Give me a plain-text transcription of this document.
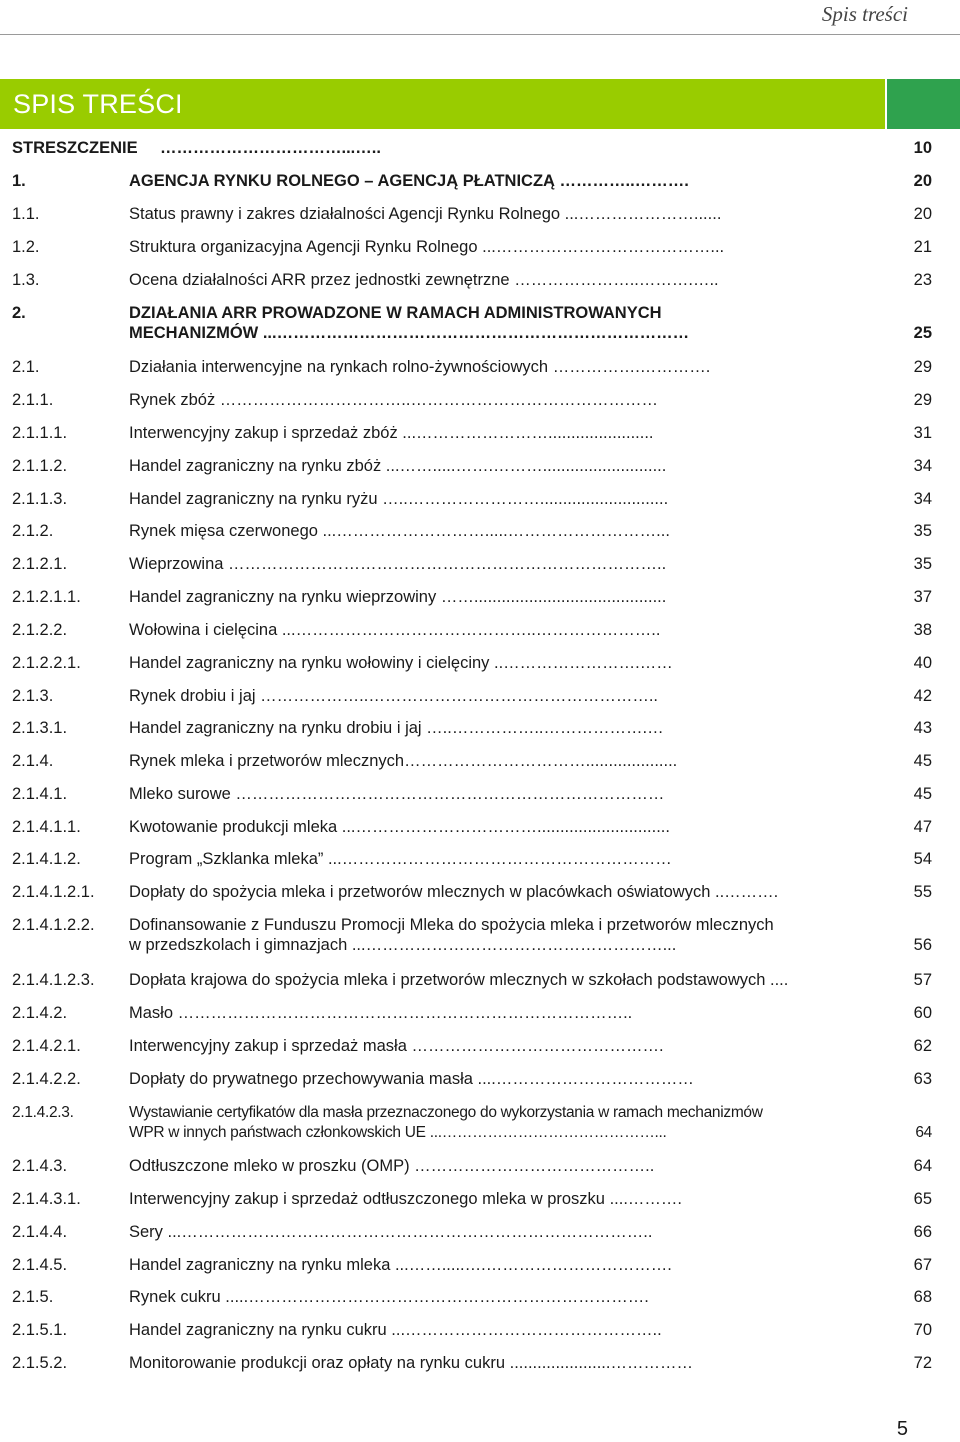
Spis treści
SPIS TREŚCI
STRESZCZENIE ……………………………...…..	10
1.	AGENCJA RYNKU ROLNEGO – AGENCJĄ PŁATNICZĄ …………..……….	20
1.1.	Status prawny i zakres działalności Agencji Rynku Rolnego ...…………………......	20
1.2.	Struktura organizacyjna Agencji Rynku Rolnego ...…………………………………...	21
1.3.	Ocena działalności ARR przez jednostki zewnętrzne …………………..……….…..	23
2.	DZIAŁANIA ARR PROWADZONE W RAMACH ADMINISTROWANYCH
MECHANIZMÓW ...…………………………………………………………………	25
2.1.	Działania interwencyjne na rynkach rolno-żywnościowych …………….………….	29
2.1.1.	Rynek zbóż ……………………………..………………………………………	29
2.1.1.1.	Interwencyjny zakup i sprzedaż zbóż ...…………………….......................	31
2.1.1.2.	Handel zagraniczny na rynku zbóż ...…….....…….………...........................	34
2.1.1.3.	Handel zagraniczny na rynku ryżu …..……………………............................	34
2.1.2.	Rynek mięsa czerwonego ...……………………….....………………………...	35
2.1.2.1.	Wieprzowina ……………………………………………………………………..	35
2.1.2.1.1.	Handel zagraniczny na rynku wieprzowiny ……..........................................	37
2.1.2.2.	Wołowina i cielęcina ...……………………………………..…………………..	38
2.1.2.2.1.	Handel zagraniczny na rynku wołowiny i cielęciny ..…………………….……	40
2.1.3.	Rynek drobiu i jaj ………………..……………………………………………..	42
2.1.3.1.	Handel zagraniczny na rynku drobiu i jaj …..……………..……………….…	43
2.1.4.	Rynek mleka i przetworów mlecznych……………………………....................	45
2.1.4.1.	Mleko surowe ……………………………………………………………………	45
2.1.4.1.1.	Kwotowanie produkcji mleka ...…………………………….............................	47
2.1.4.1.2.	Program „Szklanka mleka” ...……………………………………………………	54
2.1.4.1.2.1. Dopłaty do spożycia mleka i przetworów mlecznych w placówkach oświatowych ..……….	55
2.1.4.1.2.2. Dofinansowanie z Funduszu Promocji Mleka do spożycia mleka i przetworów mlecznych
w przedszkolach i gimnazjach ...………………………………………………...	56
2.1.4.1.2.3. Dopłata krajowa do spożycia mleka i przetworów mlecznych w szkołach podstawowych ....	57
2.1.4.2.	Masło ………………………………………………………………………..	60
2.1.4.2.1.	Interwencyjny zakup i sprzedaż masła ……………………………………….	62
2.1.4.2.2.	Dopłaty do prywatnego przechowywania masła ....………………………………	63
2.1.4.2.3.	Wystawianie certyfikatów dla masła przeznaczonego do wykorzystania w ramach mechanizmów
WPR w innych państwach członkowskich UE ...……………………………………...	64
2.1.4.3.	Odtłuszczone mleko w proszku (OMP) ……………………………………..	64
2.1.4.3.1.	Interwencyjny zakup i sprzedaż odtłuszczonego mleka w proszku ....……….	65
2.1.4.4.	Sery ...…………………………………………………………………………..	66
2.1.4.5.	Handel zagraniczny na rynku mleka ...…….....….…………………………….	67
2.1.5.	Rynek cukru .....……………………………………………………………….	68
2.1.5.1.	Handel zagraniczny na rynku cukru ...………………………………………..	70
2.1.5.2.	Monitorowanie produkcji oraz opłaty na rynku cukru ......................……………	72
5
